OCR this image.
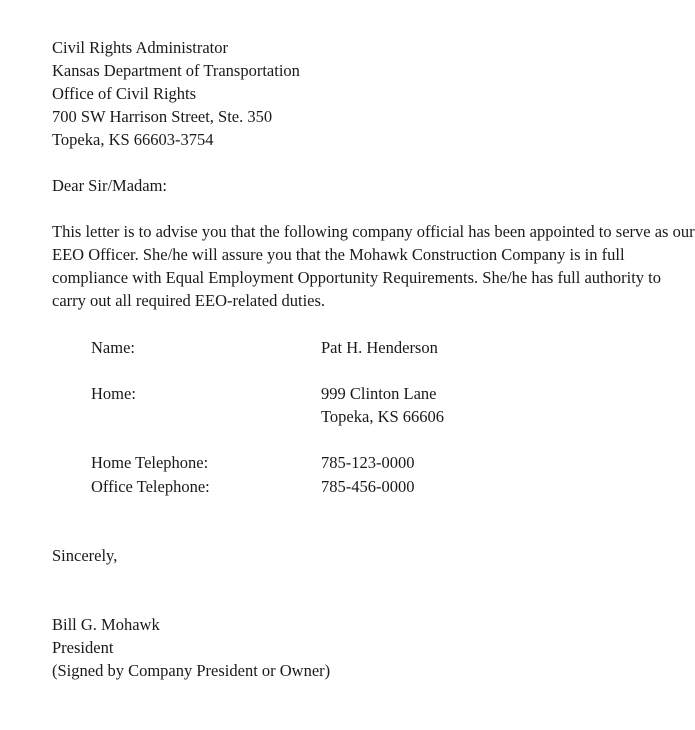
Civil Rights Administrator
Kansas Department of Transportation
Office of Civil Rights
700 SW Harrison Street, Ste. 350
Topeka, KS 66603-3754
Dear Sir/Madam:
This letter is to advise you that the following company official has been appointed to serve as our
EEO Officer. She/he will assure you that the Mohawk Construction Company is in full
compliance with Equal Employment Opportunity Requirements. She/he has full authority to
carry out all required EEO-related duties.
Name:	Pat H. Henderson
Home:	999 Clinton Lane
Topeka, KS 66606
Home Telephone:	785-123-0000
Office Telephone:	785-456-0000
Sincerely,
Bill G. Mohawk
President
(Signed by Company President or Owner)
